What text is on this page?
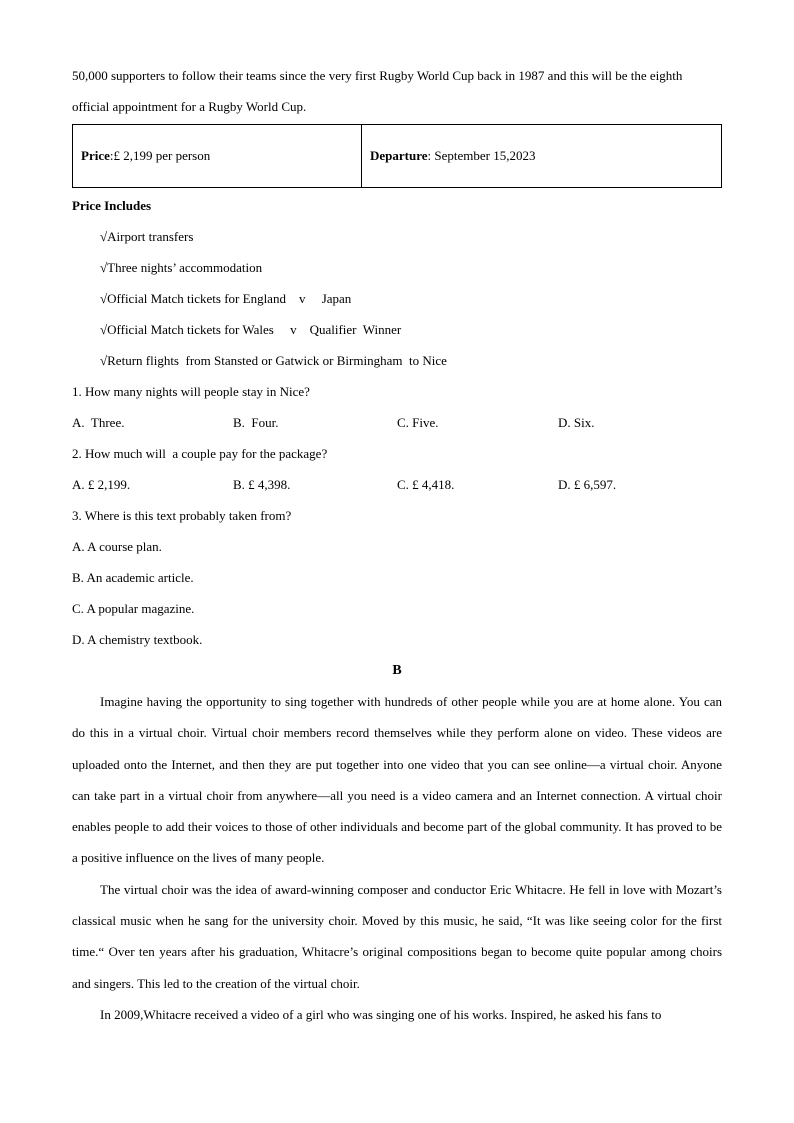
50,000 supporters to follow their teams since the very first Rugby World Cup back in 1987 and this will be the eighth
official appointment for a Rugby World Cup.
Price :£ 2,199 per person	Departure : September 15,2023
Price Includes
√Airport transfers
√Three nights’ accommodation
√Official Match tickets for England    v     Japan
√Official Match tickets for Wales     v    Qualifier  Winner
√Return flights  from Stansted or Gatwick or Birmingham  to Nice
1. How many nights will people stay in Nice?
A.  Three.	B.  Four.	C. Five.	D. Six.
2. How much will  a couple pay for the package?
A. £ 2,199.	B. £ 4,398.	C. £ 4,418.	D. £ 6,597.
3. Where is this text probably taken from?
A. A course plan.
B. An academic article.
C. A popular magazine.
D. A chemistry textbook.
B

Imagine having the opportunity to sing together with hundreds of other people while you are at home alone. You can do this in a virtual choir. Virtual choir members record themselves while they perform alone on video. These videos are uploaded onto the Internet, and then they are put together into one video that you can see online—a virtual choir. Anyone can take part in a virtual choir from anywhere—all you need is a video camera and an Internet connection. A virtual choir enables people to add their voices to those of other individuals and become part of the global community. It has proved to be a positive influence on the lives of many people.

The virtual choir was the idea of award-winning composer and conductor Eric Whitacre. He fell in love with Mozart’s classical music when he sang for the university choir. Moved by this music, he said, “It was like seeing color for the first time.“ Over ten years after his graduation, Whitacre’s original compositions began to become quite popular among choirs and singers. This led to the creation of the virtual choir.

In 2009,Whitacre received a video of a girl who was singing one of his works. Inspired, he asked his fans to
